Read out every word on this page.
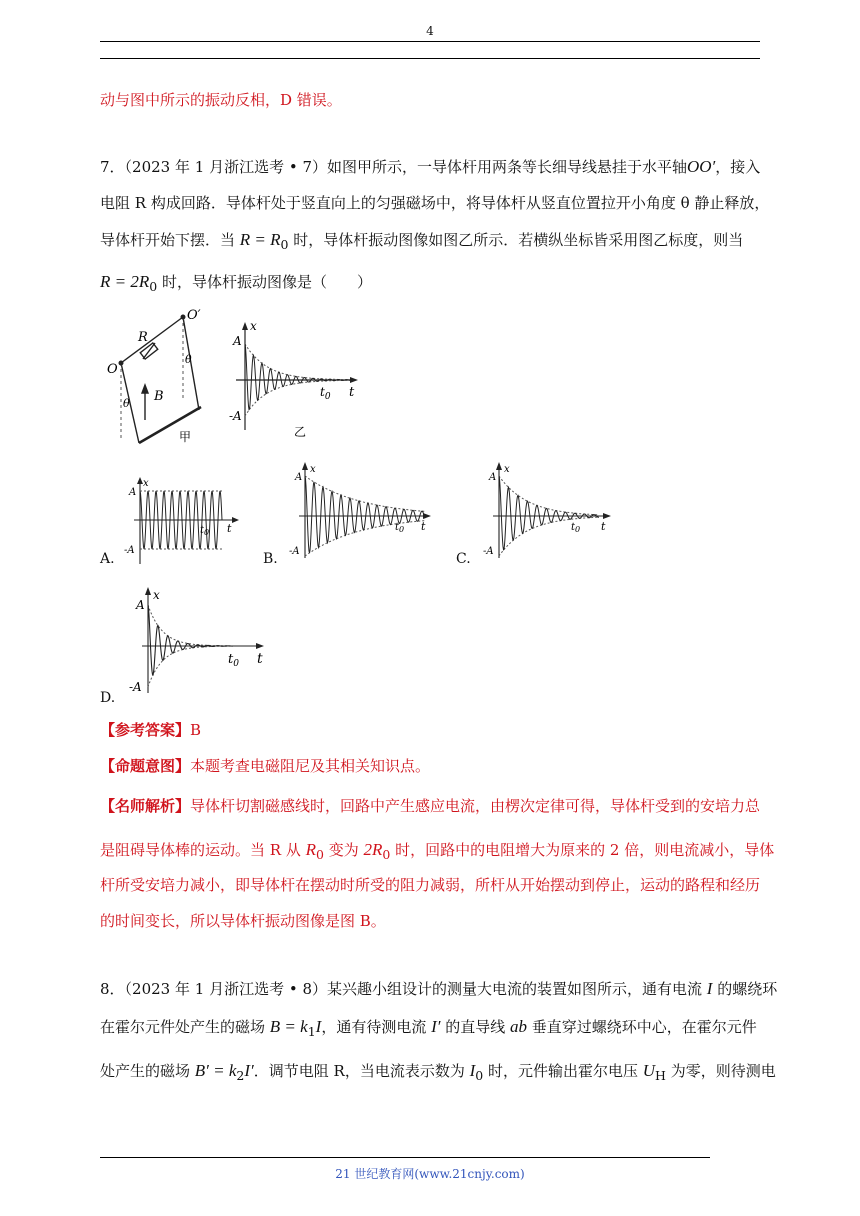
4
动与图中所示的振动反相，D 错误。
7．（2023 年 1 月浙江选考 • 7）如图甲所示，一导体杆用两条等长细导线悬挂于水平轴OO′，接入
电阻 R 构成回路．导体杆处于竖直向上的匀强磁场中，将导体杆从竖直位置拉开小角度 θ 静止释放，
导体杆开始下摆．当 $R = R_0$ 时，导体杆振动图像如图乙所示．若横纵坐标皆采用图乙标度，则当
$R = 2R_0$ 时，导体杆振动图像是（　　）
O
O′
R
B
θ
θ
甲
x
A
-A
$t_0$ t
乙
A.
x
A
-A
$t_0$ t
B.
x
A
-A
$t_0$ t
C.
x
A
-A
$t_0$ t
D.
x
A
-A
$t_0$ t
【参考答案】B
【命题意图】本题考查电磁阻尼及其相关知识点。
【名师解析】导体杆切割磁感线时，回路中产生感应电流，由楞次定律可得，导体杆受到的安培力总
是阻碍导体棒的运动。当 R 从 $R_0$ 变为 $2R_0$ 时，回路中的电阻增大为原来的 2 倍，则电流减小，导体
杆所受安培力减小，即导体杆在摆动时所受的阻力减弱，所杆从开始摆动到停止，运动的路程和经历
的时间变长，所以导体杆振动图像是图 B。
8．（2023 年 1 月浙江选考 • 8）某兴趣小组设计的测量大电流的装置如图所示，通有电流 I 的螺绕环
在霍尔元件处产生的磁场 $B = k_1I$，通有待测电流 I′ 的直导线 ab 垂直穿过螺绕环中心，在霍尔元件
处产生的磁场 $B' = k_2I'$．调节电阻 R，当电流表示数为 $I_0$ 时，元件输出霍尔电压 $U_H$ 为零，则待测电
21 世纪教育网(www.21cnjy.com)
